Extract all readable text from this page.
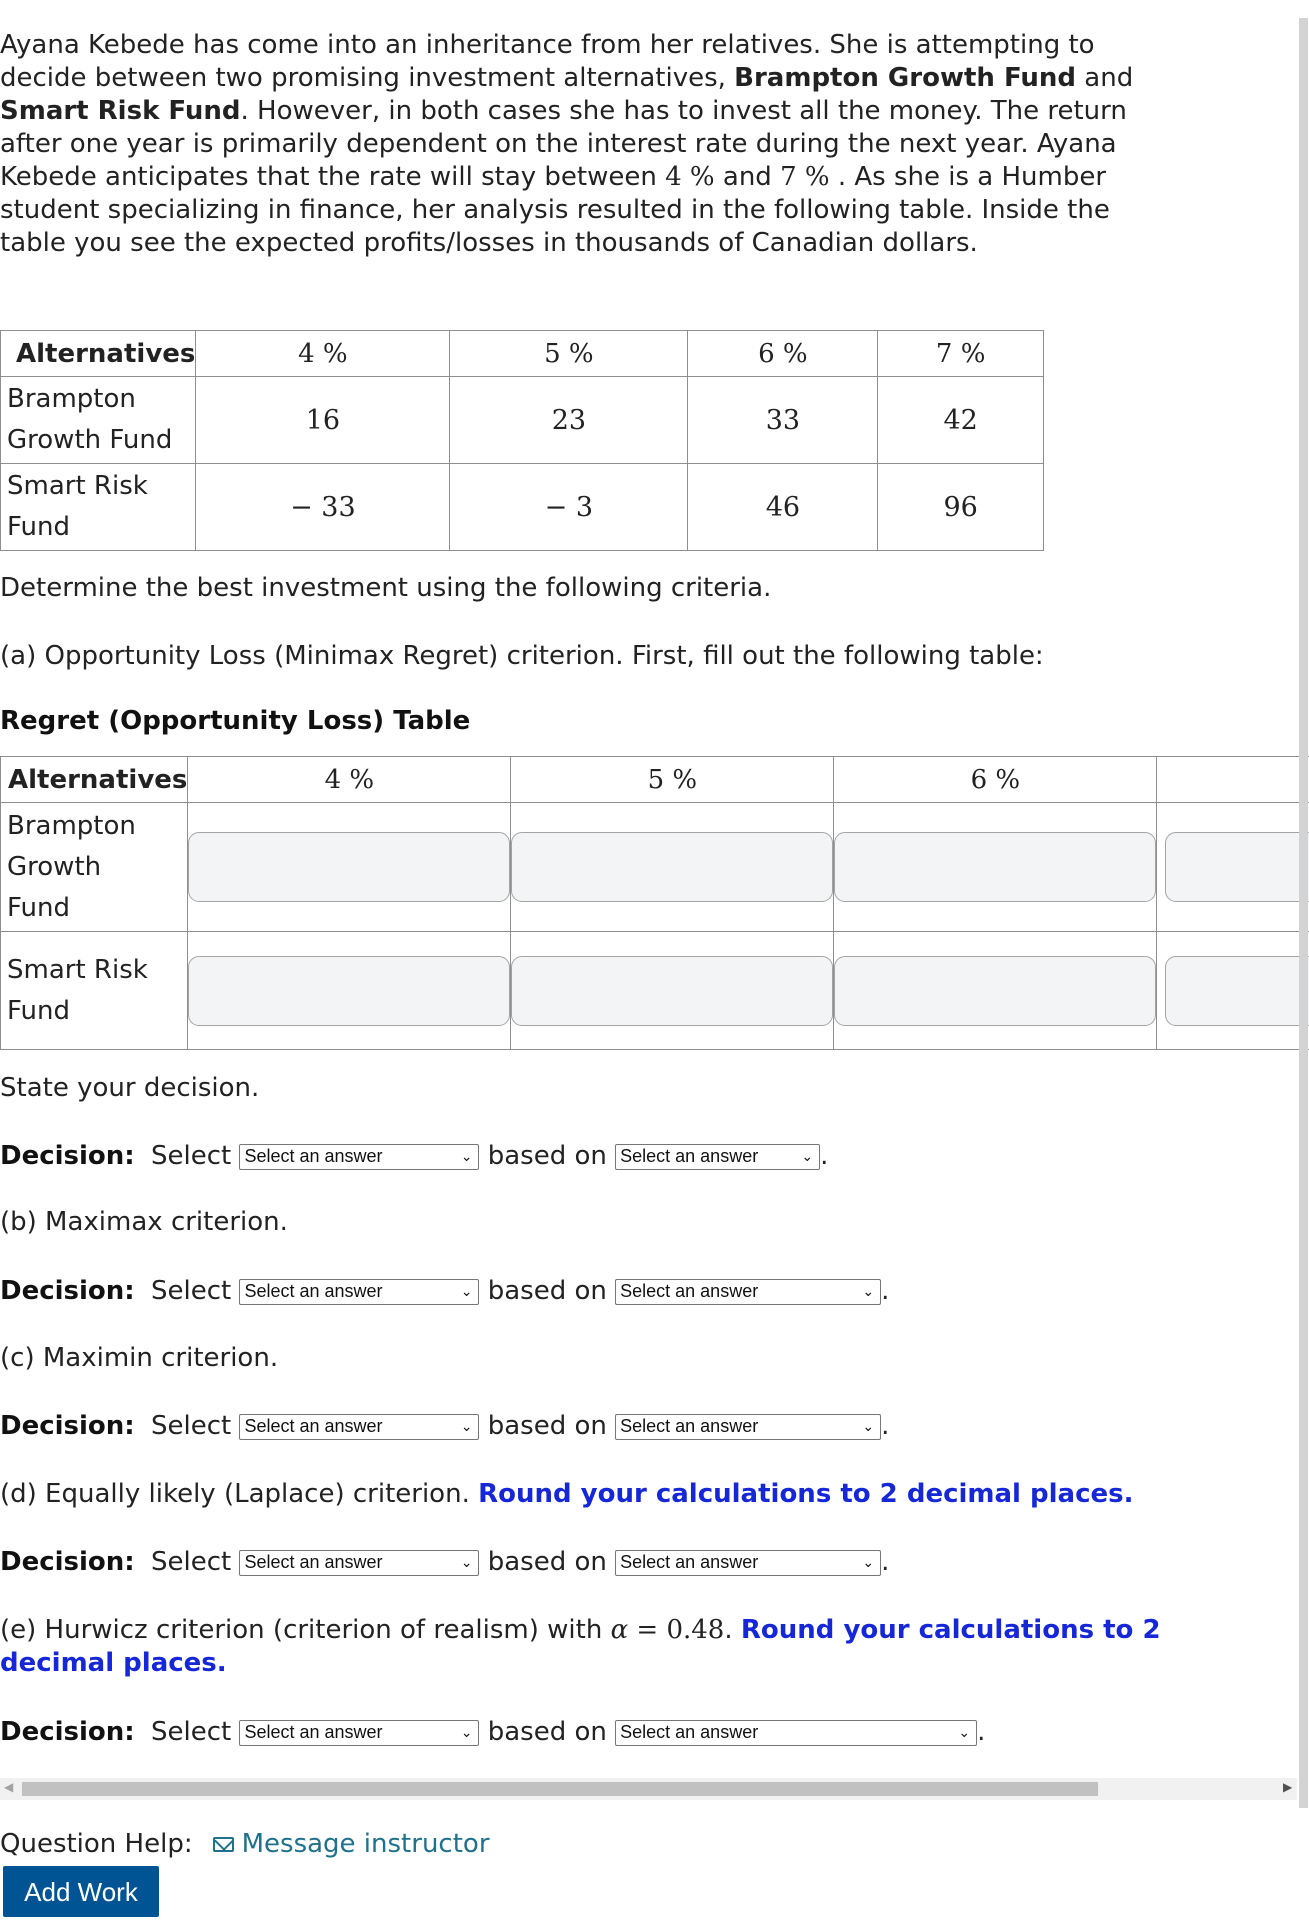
Ayana Kebede has come into an inheritance from her relatives. She is attempting to
decide between two promising investment alternatives, Brampton Growth Fund and
Smart Risk Fund. However, in both cases she has to invest all the money. The return
after one year is primarily dependent on the interest rate during the next year. Ayana
Kebede anticipates that the rate will stay between 4 % and 7 % . As she is a Humber
student specializing in finance, her analysis resulted in the following table. Inside the
table you see the expected profits/losses in thousands of Canadian dollars.
Alternatives	4 %	5 %	6 %	7 %
Brampton
Growth Fund	16	23	33	42
Smart Risk
Fund	− 33	− 3	46	96
Determine the best investment using the following criteria.
(a) Opportunity Loss (Minimax Regret) criterion. First, fill out the following table:
Regret (Opportunity Loss) Table
Alternatives	4 %	5 %	6 %	
Brampton
Growth
Fund	

Smart Risk
Fund	

State your decision.
Decision: Select Select an answer	⌄ based on Select an answer	⌄ .
(b) Maximax criterion.
Decision: Select Select an answer	⌄ based on Select an answer	⌄ .
(c) Maximin criterion.
Decision: Select Select an answer	⌄ based on Select an answer	⌄ .
(d) Equally likely (Laplace) criterion. Round your calculations to 2 decimal places.
Decision: Select Select an answer	⌄ based on Select an answer	⌄ .
(e) Hurwicz criterion (criterion of realism) with α = 0.48. Round your calculations to 2
decimal places.
Decision: Select Select an answer	⌄ based on Select an answer	⌄ .
◀	▶
Question Help: Message instructor
Add Work
